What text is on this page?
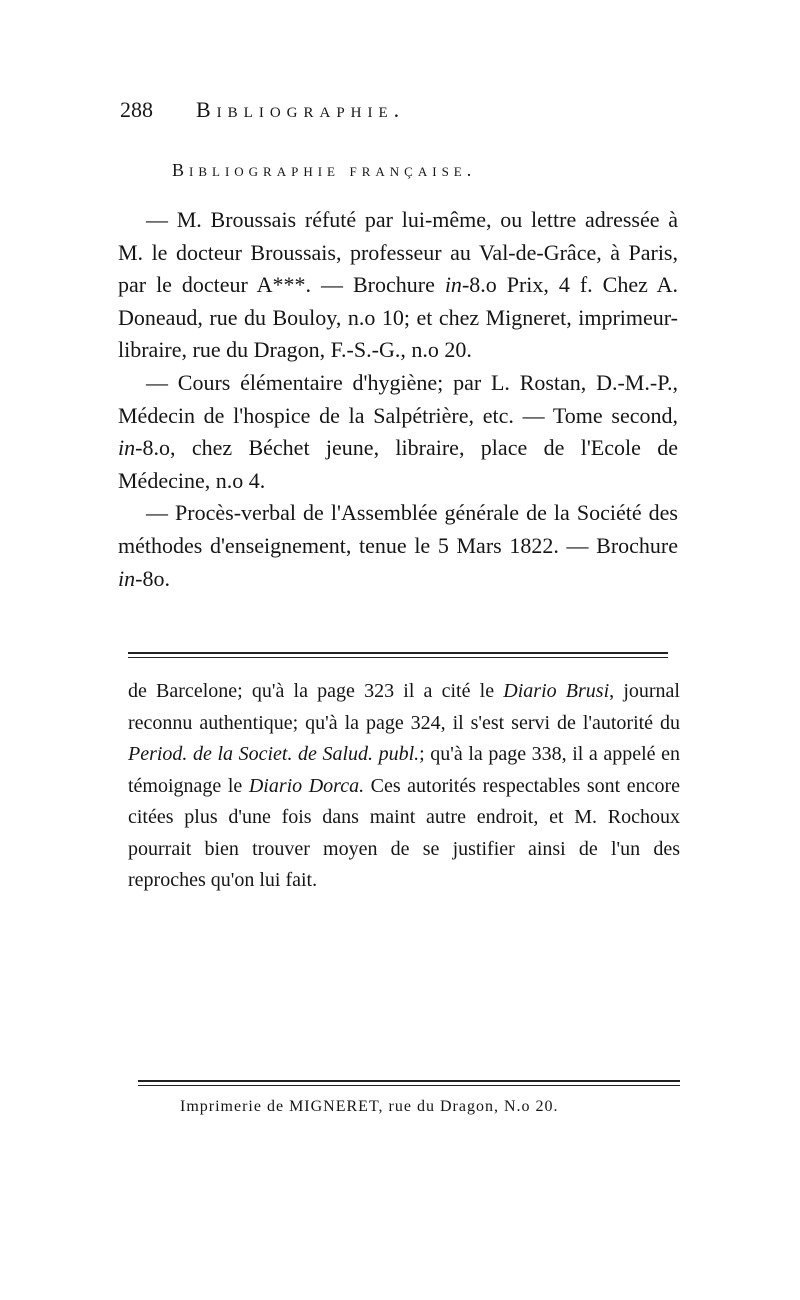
288 Bibliographie.
Bibliographie française.

— M. Broussais réfuté par lui-même, ou lettre adressée à M. le docteur Broussais, professeur au Val-de-Grâce, à Paris, par le docteur A***. — Brochure in-8.o Prix, 4 f. Chez A. Doneaud, rue du Bouloy, n.o 10; et chez Migneret, imprimeur-libraire, rue du Dragon, F.-S.-G., n.o 20.

— Cours élémentaire d'hygiène; par L. Rostan, D.-M.-P., Médecin de l'hospice de la Salpétrière, etc. — Tome second, in-8.o, chez Béchet jeune, libraire, place de l'Ecole de Médecine, n.o 4.

— Procès-verbal de l'Assemblée générale de la Société des méthodes d'enseignement, tenue le 5 Mars 1822. — Brochure in-8o.

de Barcelone; qu'à la page 323 il a cité le Diario Brusi, journal reconnu authentique; qu'à la page 324, il s'est servi de l'autorité du Period. de la Societ. de Salud. publ.; qu'à la page 338, il a appelé en témoignage le Diario Dorca. Ces autorités respectables sont encore citées plus d'une fois dans maint autre endroit, et M. Rochoux pourrait bien trouver moyen de se justifier ainsi de l'un des reproches qu'on lui fait.

Imprimerie de MIGNERET, rue du Dragon, N.o 20.
